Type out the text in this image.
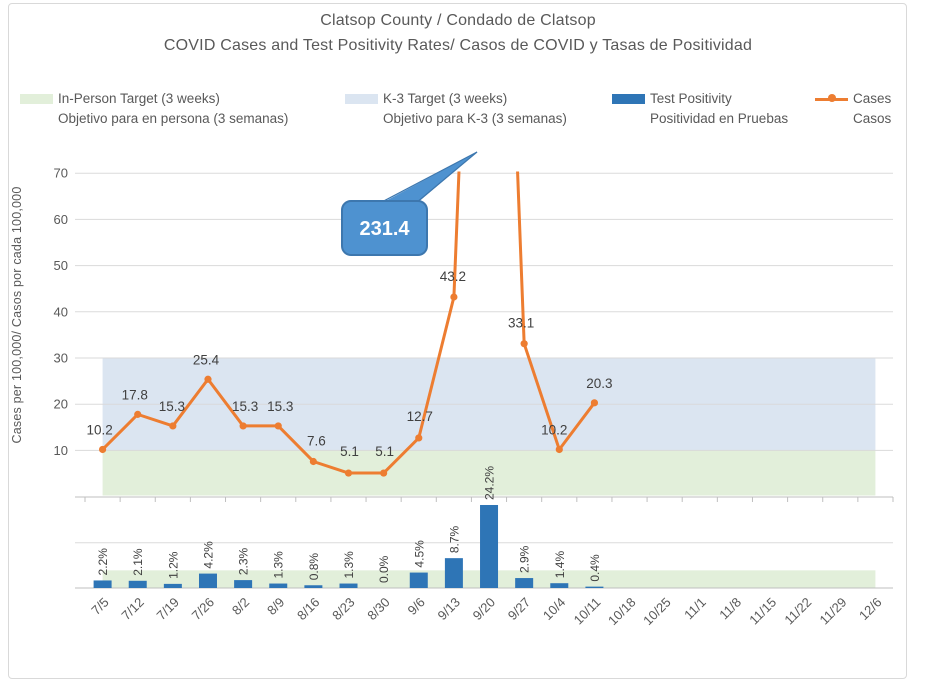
Clatsop County / Condado de Clatsop
COVID Cases and Test Positivity Rates/ Casos de COVID y Tasas de Positividad
In-Person Target (3 weeks)
Objetivo para en persona (3 semanas)
K-3 Target (3 weeks)
Objetivo para K-3 (3 semanas)
Test Positivity
Positividad en Pruebas
Cases
Casos
Cases per 100,000/ Casos por cada 100,000
70
60
50
40
30
20
10
2.2% 2.1% 1.2% 4.2% 2.3% 1.3% 0.8% 1.3% 0.0%
4.5%
8.7%
24.2%
2.9% 1.4% 0.4%
10.2
17.8
15.3
25.4
15.3 15.3
7.6
5.1 5.1
12.7
43.2
33.1
10.2
20.3
7/5 7/12 7/19 7/26 8/2 8/9 8/16 8/23 8/30 9/6 9/13 9/20 9/27 10/4 10/11 10/18 10/25 11/1 11/8 11/15 11/22 11/29 12/6
231.4
